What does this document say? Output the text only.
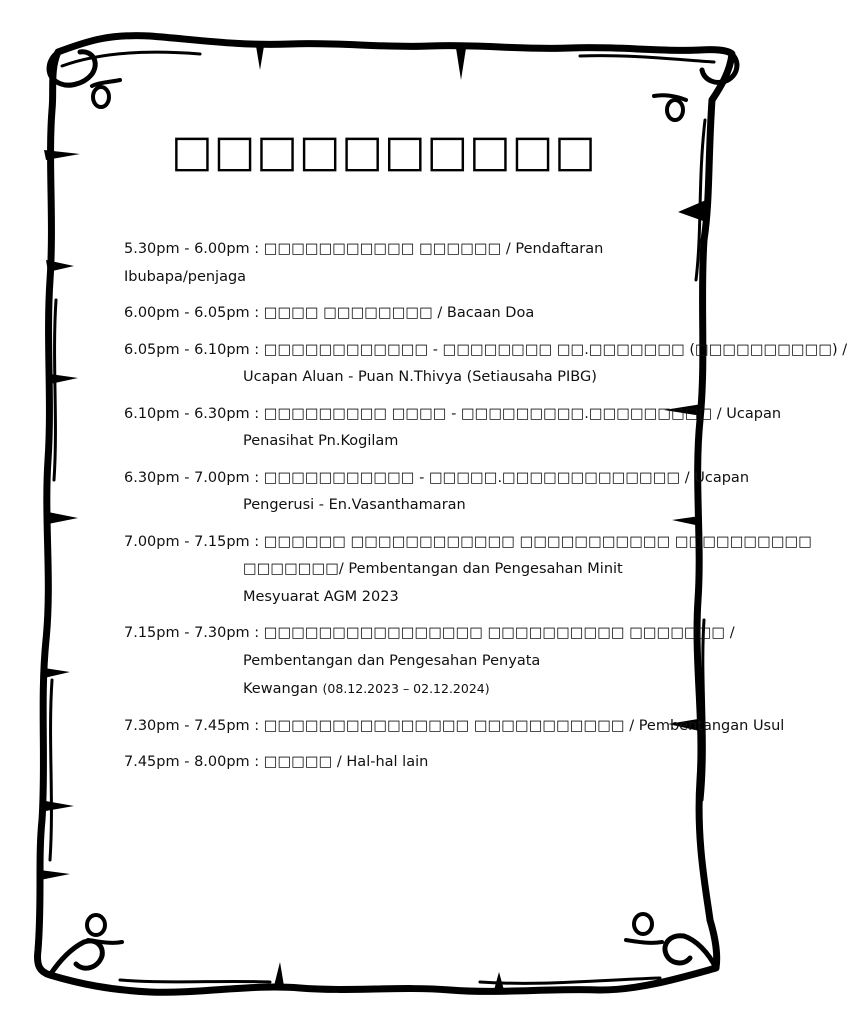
□□□□□□□□□□
5.30pm - 6.00pm : □□□□□□□□□□□ □□□□□□ / Pendaftaran
Ibubapa/penjaga
6.00pm - 6.05pm : □□□□ □□□□□□□□ / Bacaan Doa
6.05pm - 6.10pm : □□□□□□□□□□□□ - □□□□□□□□ □□.□□□□□□□ (□□□□□□□□□□) /
Ucapan Aluan - Puan N.Thivya (Setiausaha PIBG)
6.10pm - 6.30pm : □□□□□□□□□ □□□□ - □□□□□□□□□.□□□□□□□□□ / Ucapan
Penasihat Pn.Kogilam
6.30pm - 7.00pm : □□□□□□□□□□□ - □□□□□.□□□□□□□□□□□□□ / Ucapan
Pengerusi - En.Vasanthamaran
7.00pm - 7.15pm : □□□□□□ □□□□□□□□□□□□ □□□□□□□□□□□ □□□□□□□□□□
□□□□□□□/ Pembentangan dan Pengesahan Minit
Mesyuarat AGM 2023
7.15pm - 7.30pm : □□□□□□□□□□□□□□□□ □□□□□□□□□□ □□□□□□□ /
Pembentangan dan Pengesahan Penyata
Kewangan (08.12.2023 – 02.12.2024)
7.30pm - 7.45pm : □□□□□□□□□□□□□□□ □□□□□□□□□□□ / Pembentangan Usul
7.45pm - 8.00pm : □□□□□ / Hal-hal lain
